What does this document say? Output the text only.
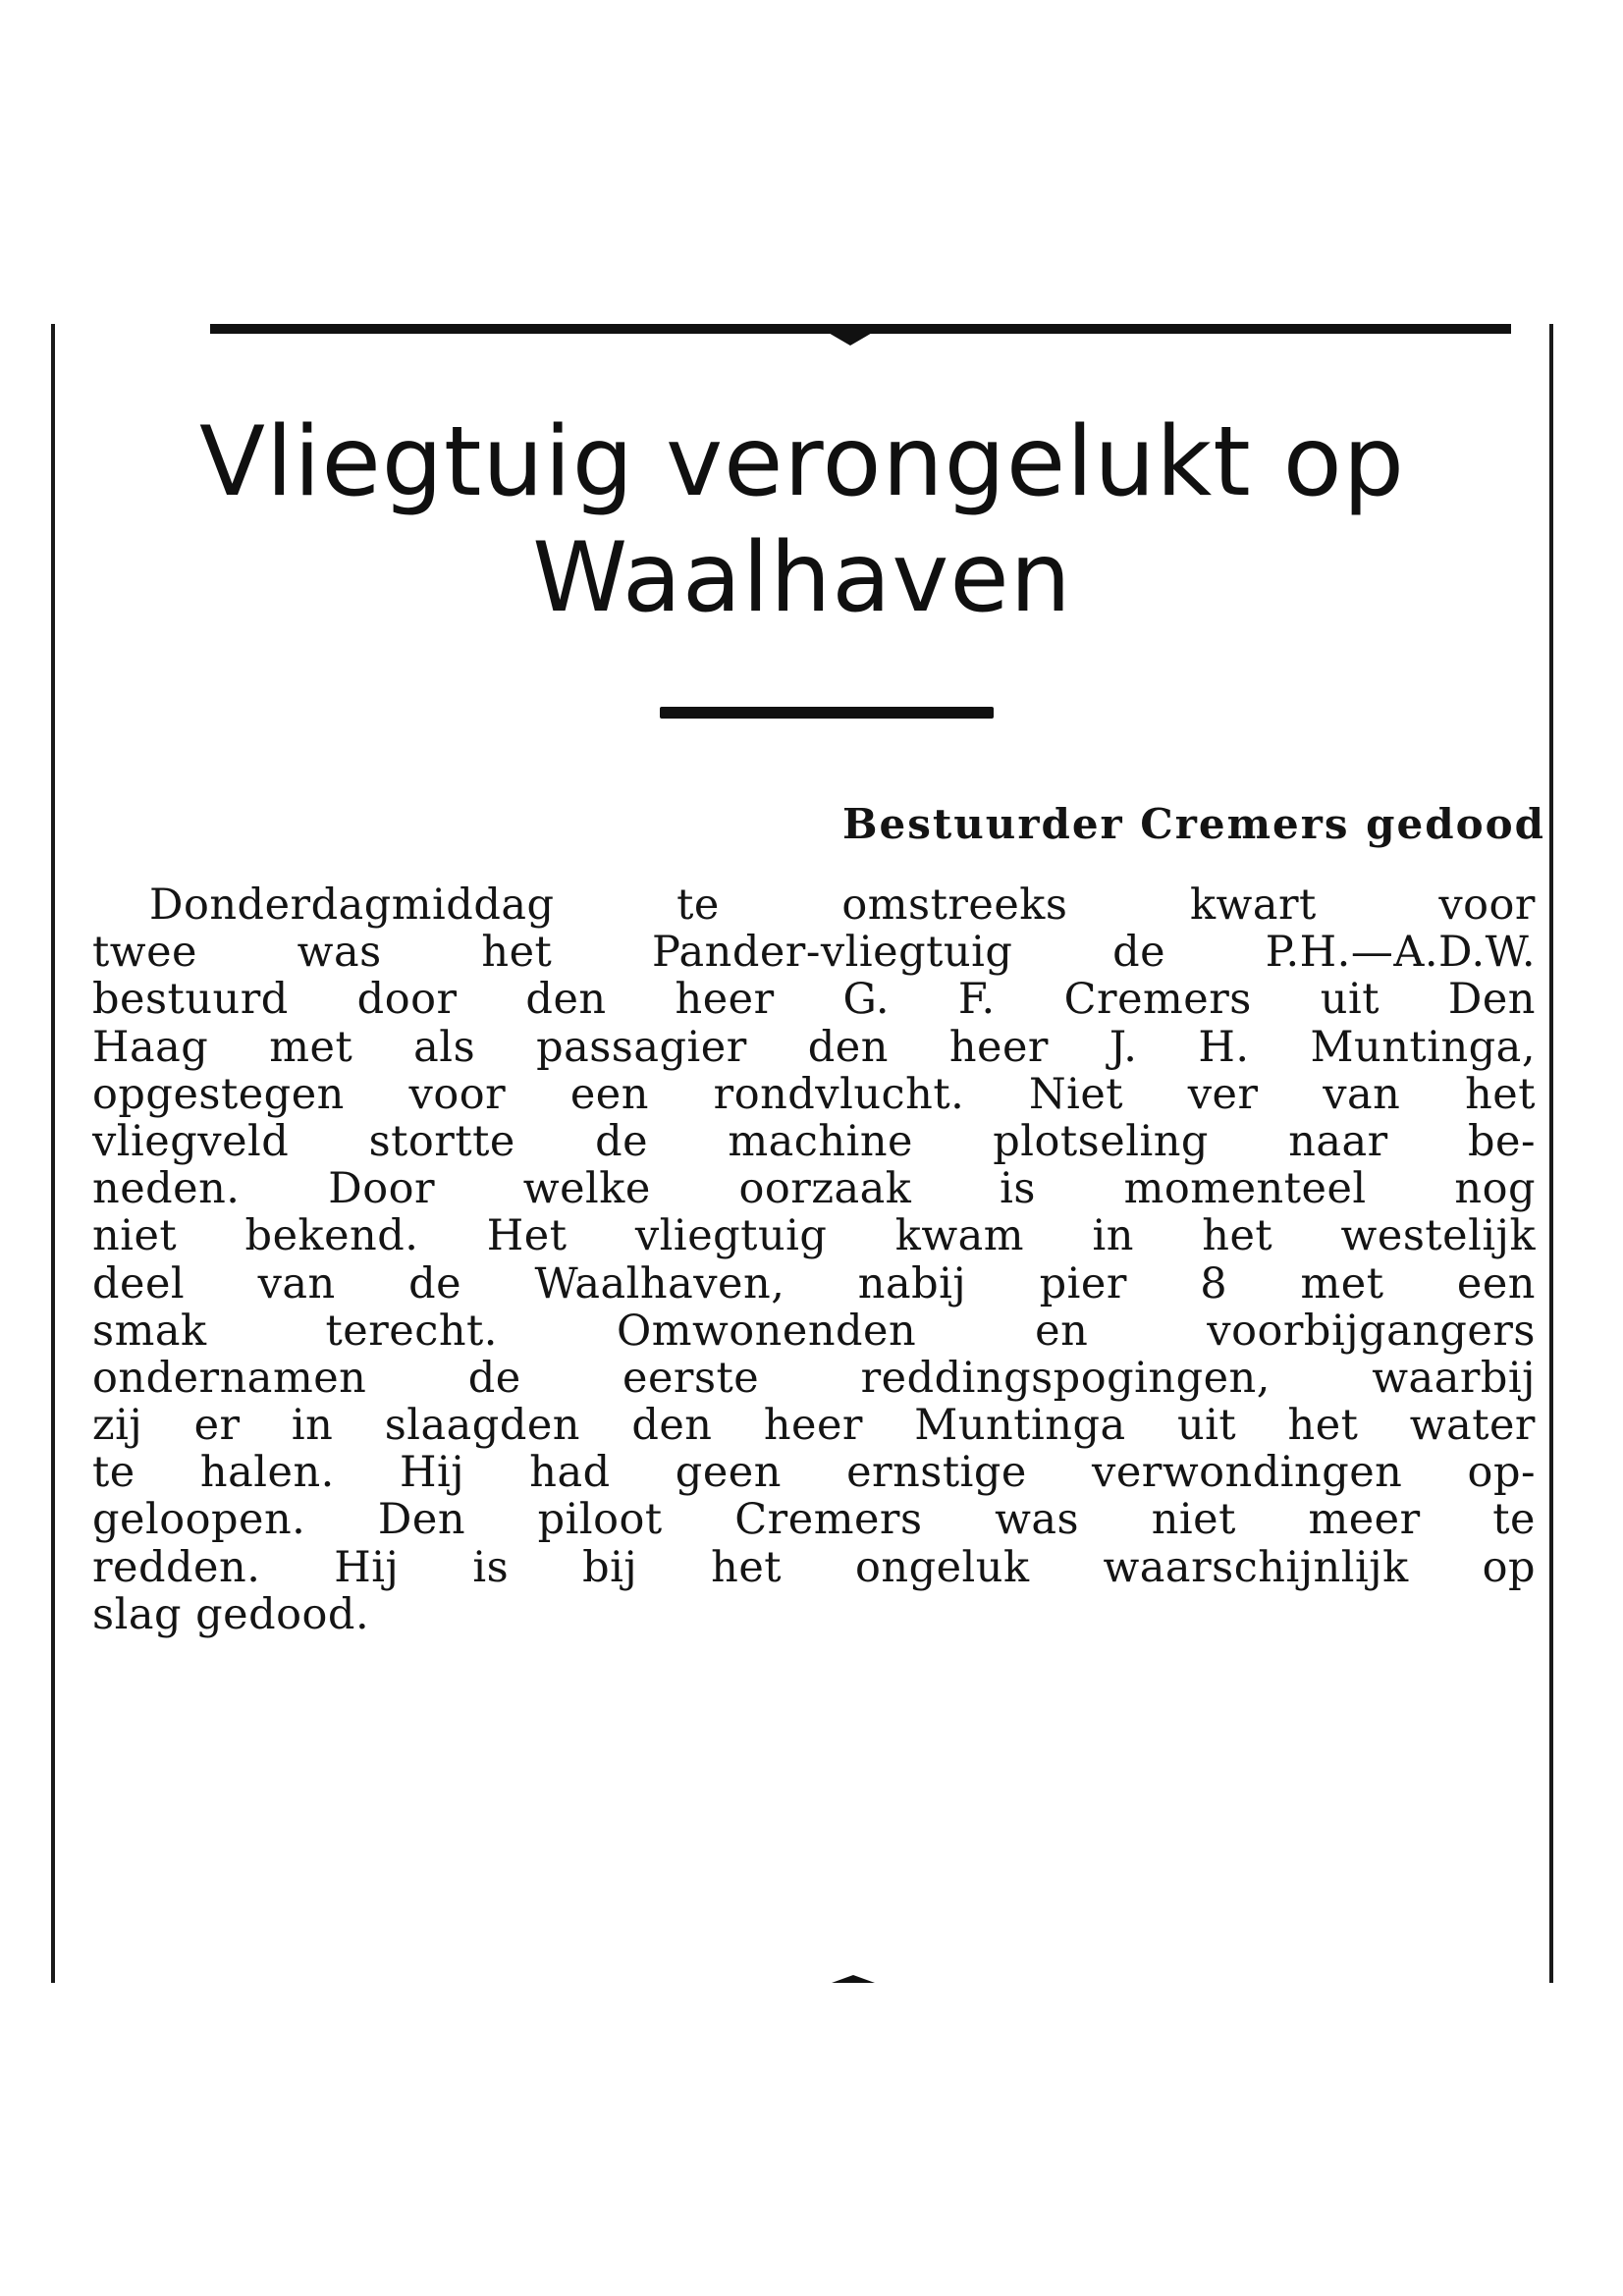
Vliegtuig verongelukt op
Waalhaven
Bestuurder Cremers gedood
Donderdagmiddag te omstreeks kwart voor
twee was het Pander-vliegtuig de P.H.—A.D.W.
bestuurd door den heer G. F. Cremers uit Den
Haag met als passagier den heer J. H. Muntinga,
opgestegen voor een rondvlucht. Niet ver van het
vliegveld stortte de machine plotseling naar be-
neden. Door welke oorzaak is momenteel nog
niet bekend. Het vliegtuig kwam in het westelijk
deel van de Waalhaven, nabij pier 8 met een
smak terecht. Omwonenden en voorbijgangers
ondernamen de eerste reddingspogingen, waarbij
zij er in slaagden den heer Muntinga uit het water
te halen. Hij had geen ernstige verwondingen op-
geloopen. Den piloot Cremers was niet meer te
redden. Hij is bij het ongeluk waarschijnlijk op
slag gedood.
